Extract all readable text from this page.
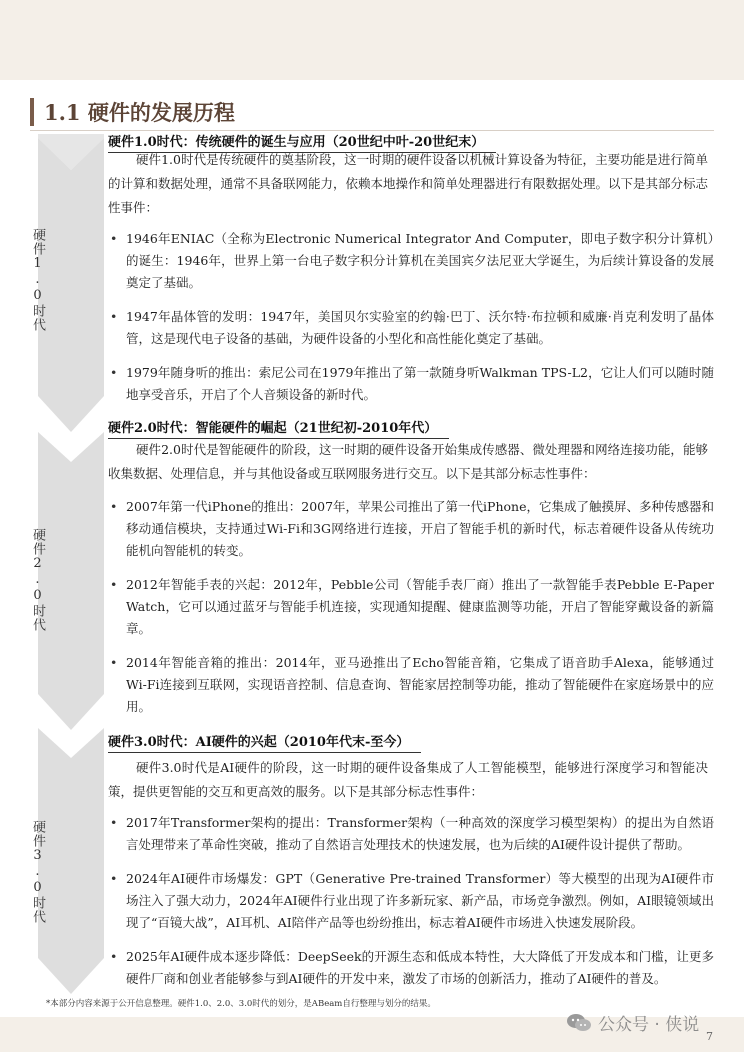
1.1 硬件的发展历程
硬件1.0时代
硬件2.0时代
硬件3.0时代
硬件1.0时代：传统硬件的诞生与应用（20世纪中叶-20世纪末）
硬件1.0时代是传统硬件的奠基阶段，这一时期的硬件设备以机械计算设备为特征，主要功能是进行简单的计算和数据处理，通常不具备联网能力，依赖本地操作和简单处理器进行有限数据处理。以下是其部分标志性事件：
• 1946年ENIAC（全称为Electronic Numerical Integrator And Computer，即电子数字积分计算机）的诞生：1946年，世界上第一台电子数字积分计算机在美国宾夕法尼亚大学诞生，为后续计算设备的发展奠定了基础。
• 1947年晶体管的发明：1947年，美国贝尔实验室的约翰·巴丁、沃尔特·布拉顿和威廉·肖克利发明了晶体管，这是现代电子设备的基础，为硬件设备的小型化和高性能化奠定了基础。
• 1979年随身听的推出：索尼公司在1979年推出了第一款随身听Walkman TPS-L2，它让人们可以随时随地享受音乐，开启了个人音频设备的新时代。
硬件2.0时代：智能硬件的崛起（21世纪初-2010年代）
硬件2.0时代是智能硬件的阶段，这一时期的硬件设备开始集成传感器、微处理器和网络连接功能，能够收集数据、处理信息，并与其他设备或互联网服务进行交互。以下是其部分标志性事件：
• 2007年第一代iPhone的推出：2007年，苹果公司推出了第一代iPhone，它集成了触摸屏、多种传感器和移动通信模块，支持通过Wi-Fi和3G网络进行连接，开启了智能手机的新时代，标志着硬件设备从传统功能机向智能机的转变。
• 2012年智能手表的兴起：2012年，Pebble公司（智能手表厂商）推出了一款智能手表Pebble E-Paper Watch，它可以通过蓝牙与智能手机连接，实现通知提醒、健康监测等功能，开启了智能穿戴设备的新篇章。
• 2014年智能音箱的推出：2014年，亚马逊推出了Echo智能音箱，它集成了语音助手Alexa，能够通过Wi-Fi连接到互联网，实现语音控制、信息查询、智能家居控制等功能，推动了智能硬件在家庭场景中的应用。
硬件3.0时代：AI硬件的兴起（2010年代末-至今）
硬件3.0时代是AI硬件的阶段，这一时期的硬件设备集成了人工智能模型，能够进行深度学习和智能决策，提供更智能的交互和更高效的服务。以下是其部分标志性事件：
• 2017年Transformer架构的提出：Transformer架构（一种高效的深度学习模型架构）的提出为自然语言处理带来了革命性突破，推动了自然语言处理技术的快速发展，也为后续的AI硬件设计提供了帮助。
• 2024年AI硬件市场爆发：GPT（Generative Pre-trained Transformer）等大模型的出现为AI硬件市场注入了强大动力，2024年AI硬件行业出现了许多新玩家、新产品，市场竞争激烈。例如，AI眼镜领域出现了“百镜大战”，AI耳机、AI陪伴产品等也纷纷推出，标志着AI硬件市场进入快速发展阶段。
• 2025年AI硬件成本逐步降低：DeepSeek的开源生态和低成本特性，大大降低了开发成本和门槛，让更多硬件厂商和创业者能够参与到AI硬件的开发中来，激发了市场的创新活力，推动了AI硬件的普及。
*本部分内容来源于公开信息整理。硬件1.0、2.0、3.0时代的划分，是ABeam自行整理与划分的结果。
公众号 · 侠说
7
